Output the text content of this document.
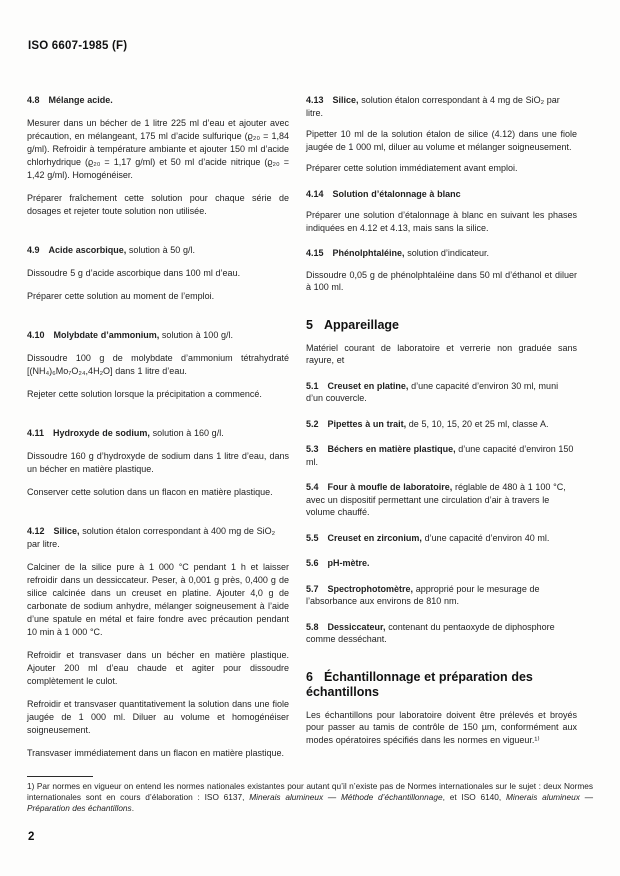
ISO 6607-1985 (F)

4.8 Mélange acide.

Mesurer dans un bécher de 1 litre 225 ml d’eau et ajouter avec précaution, en mélangeant, 175 ml d’acide sulfurique (ϱ₂₀ = 1,84 g/ml). Refroidir à température ambiante et ajouter 150 ml d’acide chlorhydrique (ϱ₂₀ = 1,17 g/ml) et 50 ml d’acide nitrique (ϱ₂₀ = 1,42 g/ml). Homogénéiser.

Préparer fraîchement cette solution pour chaque série de dosages et rejeter toute solution non utilisée.

4.9 Acide ascorbique, solution à 50 g/l.

Dissoudre 5 g d’acide ascorbique dans 100 ml d’eau.

Préparer cette solution au moment de l’emploi.

4.10 Molybdate d’ammonium, solution à 100 g/l.

Dissoudre 100 g de molybdate d’ammonium tétrahydraté [(NH₄)₆Mo₇O₂₄,4H₂O] dans 1 litre d’eau.

Rejeter cette solution lorsque la précipitation a commencé.

4.11 Hydroxyde de sodium, solution à 160 g/l.

Dissoudre 160 g d’hydroxyde de sodium dans 1 litre d’eau, dans un bécher en matière plastique.

Conserver cette solution dans un flacon en matière plastique.

4.12 Silice, solution étalon correspondant à 400 mg de SiO₂ par litre.

Calciner de la silice pure à 1 000 °C pendant 1 h et laisser refroidir dans un dessiccateur. Peser, à 0,001 g près, 0,400 g de silice calcinée dans un creuset en platine. Ajouter 4,0 g de carbonate de sodium anhydre, mélanger soigneusement à l’aide d’une spatule en métal et faire fondre avec précaution pendant 10 min à 1 000 °C.

Refroidir et transvaser dans un bécher en matière plastique. Ajouter 200 ml d’eau chaude et agiter pour dissoudre complètement le culot.

Refroidir et transvaser quantitativement la solution dans une fiole jaugée de 1 000 ml. Diluer au volume et homogénéiser soigneusement.

Transvaser immédiatement dans un flacon en matière plastique.

4.13 Silice, solution étalon correspondant à 4 mg de SiO₂ par litre.

Pipetter 10 ml de la solution étalon de silice (4.12) dans une fiole jaugée de 1 000 ml, diluer au volume et mélanger soigneusement.

Préparer cette solution immédiatement avant emploi.

4.14 Solution d’étalonnage à blanc

Préparer une solution d’étalonnage à blanc en suivant les phases indiquées en 4.12 et 4.13, mais sans la silice.

4.15 Phénolphtaléine, solution d’indicateur.

Dissoudre 0,05 g de phénolphtaléine dans 50 ml d’éthanol et diluer à 100 ml.

5 Appareillage

Matériel courant de laboratoire et verrerie non graduée sans rayure, et

5.1 Creuset en platine, d’une capacité d’environ 30 ml, muni d’un couvercle.

5.2 Pipettes à un trait, de 5, 10, 15, 20 et 25 ml, classe A.

5.3 Béchers en matière plastique, d’une capacité d’environ 150 ml.

5.4 Four à moufle de laboratoire, réglable de 480 à 1 100 °C, avec un dispositif permettant une circulation d’air à travers le volume chauffé.

5.5 Creuset en zirconium, d’une capacité d’environ 40 ml.

5.6 pH-mètre.

5.7 Spectrophotomètre, approprié pour le mesurage de l’absorbance aux environs de 810 nm.

5.8 Dessiccateur, contenant du pentaoxyde de diphosphore comme desséchant.

6 Échantillonnage et préparation des échantillons

Les échantillons pour laboratoire doivent être prélevés et broyés pour passer au tamis de contrôle de 150 µm, conformément aux modes opératoires spécifiés dans les normes en vigueur.¹⁾

1) Par normes en vigueur on entend les normes nationales existantes pour autant qu’il n’existe pas de Normes internationales sur le sujet : deux Normes internationales sont en cours d’élaboration : ISO 6137, Minerais alumineux — Méthode d’échantillonnage, et ISO 6140, Minerais alumineux — Préparation des échantillons.

2
